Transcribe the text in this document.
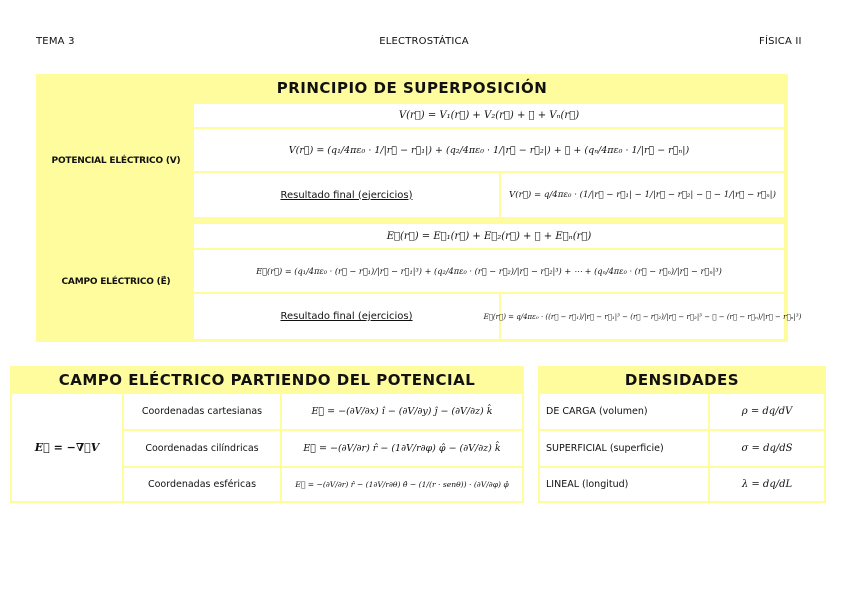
TEMA 3	ELECTROSTÁTICA	FÍSICA II
PRINCIPIO DE SUPERPOSICIÓN
POTENCIAL ELÉCTRICO (V)
V(r⃗) = V₁(r⃗) + V₂(r⃗) + ⋯ + Vₙ(r⃗)
V(r⃗) = (q₁/4πε₀ · 1/|r⃗ − r⃗₁|) + (q₂/4πε₀ · 1/|r⃗ − r⃗₂|) + ⋯ + (qₙ/4πε₀ · 1/|r⃗ − r⃗ₙ|)
Resultado final (ejercicios)	V(r⃗) = q/4πε₀ · (1/|r⃗ − r⃗₁| − 1/|r⃗ − r⃗₂| − ⋯ − 1/|r⃗ − r⃗ₙ|)
CAMPO ELÉCTRICO (E⃗)
E⃗(r⃗) = E⃗₁(r⃗) + E⃗₂(r⃗) + ⋯ + E⃗ₙ(r⃗)
E⃗(r⃗) = (q₁/4πε₀ · (r⃗ − r⃗₁)/|r⃗ − r⃗₁|³) + (q₂/4πε₀ · (r⃗ − r⃗₂)/|r⃗ − r⃗₂|³) + ⋯ + (qₙ/4πε₀ · (r⃗ − r⃗ₙ)/|r⃗ − r⃗ₙ|³)
Resultado final (ejercicios)	E⃗(r⃗) = q/4πε₀ · ((r⃗ − r⃗₁)/|r⃗ − r⃗₁|³ − (r⃗ − r⃗₂)/|r⃗ − r⃗₂|³ − ⋯ − (r⃗ − r⃗ₙ)/|r⃗ − r⃗ₙ|³)
CAMPO ELÉCTRICO PARTIENDO DEL POTENCIAL
E⃗ = −∇⃗V
Coordenadas cartesianas	E⃗ = −(∂V/∂x) î − (∂V/∂y) ĵ − (∂V/∂z) k̂
Coordenadas cilíndricas	E⃗ = −(∂V/∂r) r̂ − (1∂V/r∂φ) φ̂ − (∂V/∂z) k̂
Coordenadas esféricas	E⃗ = −(∂V/∂r) r̂ − (1∂V/r∂θ) θ̂ − (1/(r · senθ)) · (∂V/∂φ) φ̂
DENSIDADES
DE CARGA (volumen)	ρ = dq/dV
SUPERFICIAL (superficie)	σ = dq/dS
LINEAL (longitud)	λ = dq/dL
